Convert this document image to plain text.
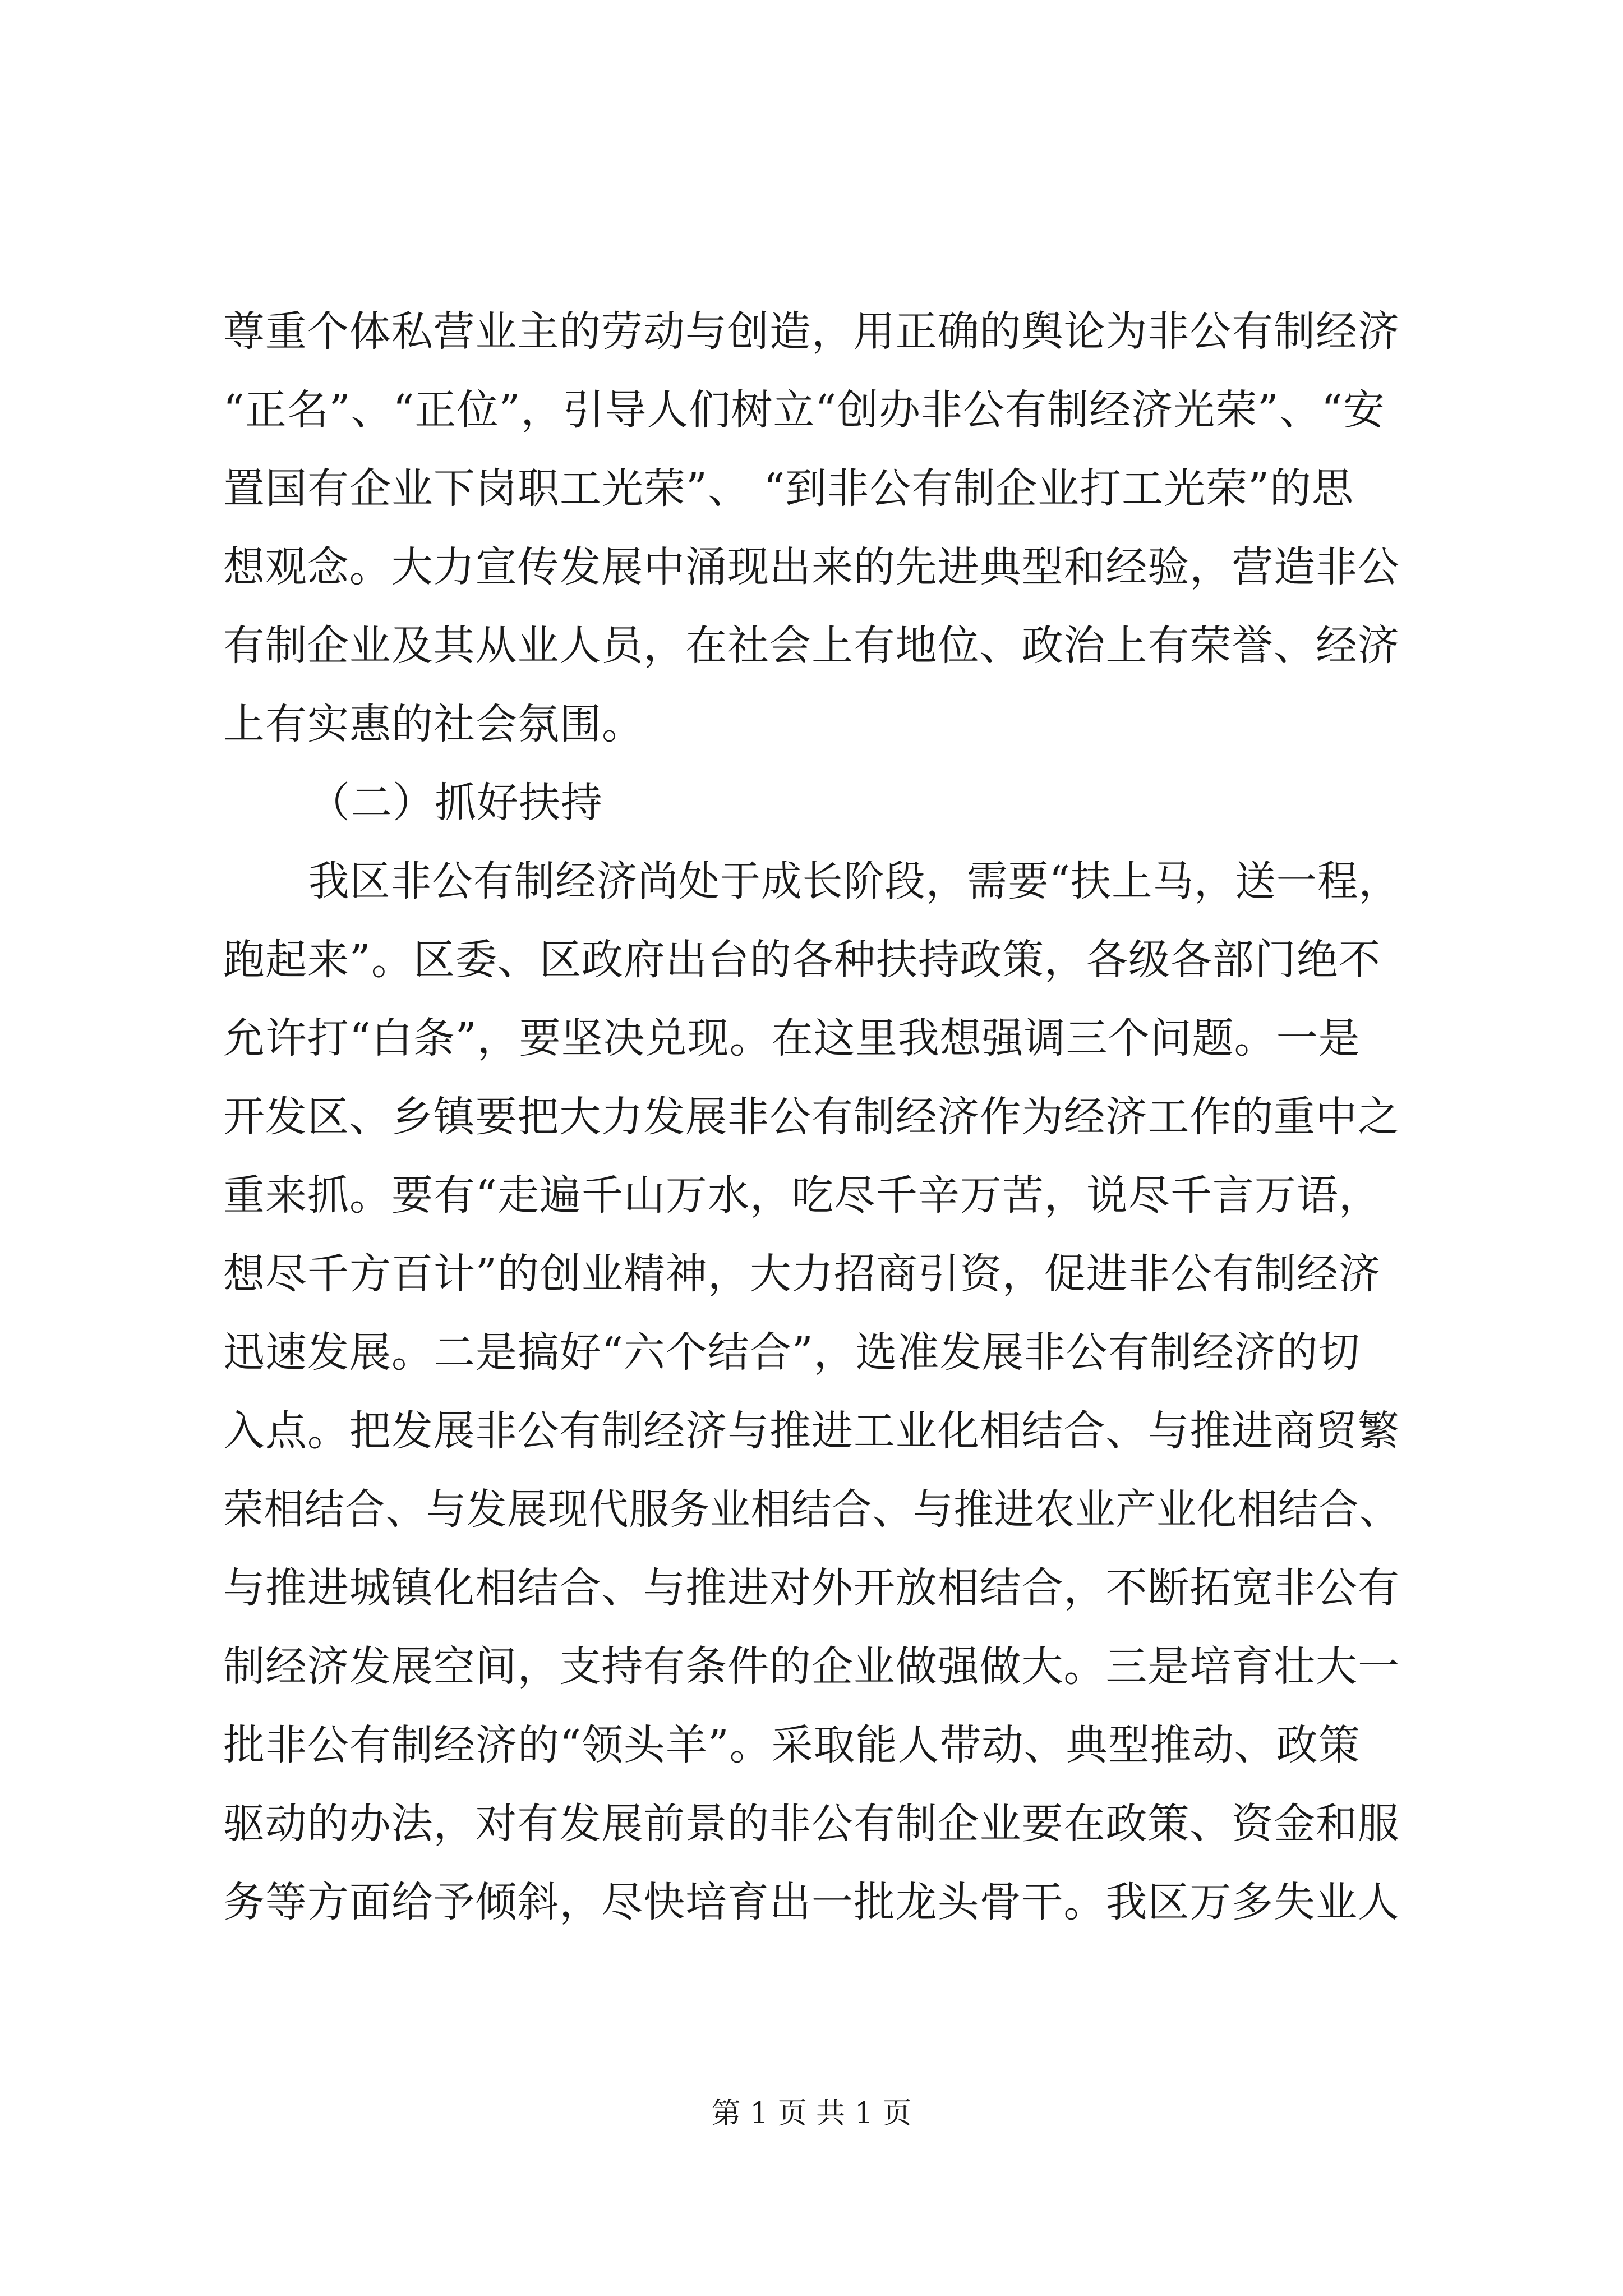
尊重个体私营业主的劳动与创造，用正确的舆论为非公有制经济
“正名”、“正位”，引导人们树立“创办非公有制经济光荣”、“安
置国有企业下岗职工光荣”、 “到非公有制企业打工光荣”的思
想观念。大力宣传发展中涌现出来的先进典型和经验，营造非公
有制企业及其从业人员，在社会上有地位、政治上有荣誉、经济
上有实惠的社会氛围。
（二）抓好扶持
我区非公有制经济尚处于成长阶段，需要“扶上马，送一程，
跑起来”。区委、区政府出台的各种扶持政策，各级各部门绝不
允许打“白条”，要坚决兑现。在这里我想强调三个问题。一是
开发区、乡镇要把大力发展非公有制经济作为经济工作的重中之
重来抓。要有“走遍千山万水，吃尽千辛万苦，说尽千言万语，
想尽千方百计”的创业精神，大力招商引资，促进非公有制经济
迅速发展。二是搞好“六个结合”，选准发展非公有制经济的切
入点。把发展非公有制经济与推进工业化相结合、与推进商贸繁
荣相结合、与发展现代服务业相结合、与推进农业产业化相结合、
与推进城镇化相结合、与推进对外开放相结合，不断拓宽非公有
制经济发展空间，支持有条件的企业做强做大。三是培育壮大一
批非公有制经济的“领头羊”。采取能人带动、典型推动、政策
驱动的办法，对有发展前景的非公有制企业要在政策、资金和服
务等方面给予倾斜，尽快培育出一批龙头骨干。我区万多失业人
第 1 页 共 1 页
